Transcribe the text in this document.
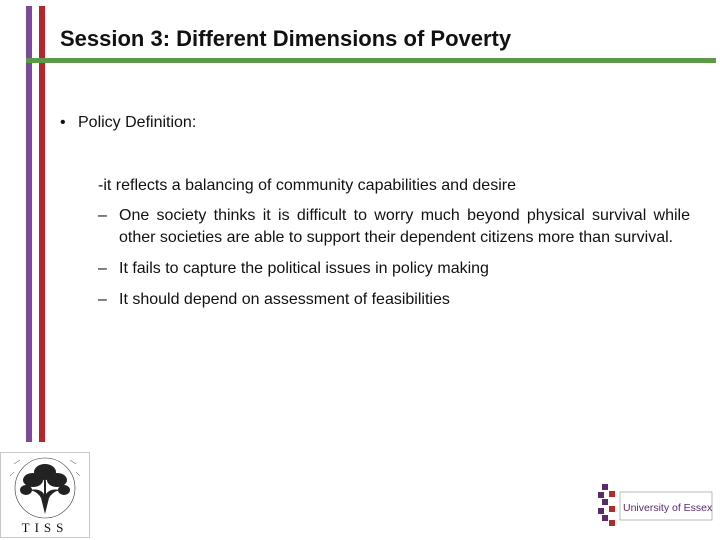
Session 3: Different Dimensions of Poverty
• Policy Definition:
-it reflects a balancing of community capabilities and desire
– One society thinks it is difficult to worry much beyond physical survival while other societies are able to support their dependent citizens more than survival.
– It fails to capture the political issues in policy making
– It should depend on assessment of feasibilities
TISS
University of Essex
